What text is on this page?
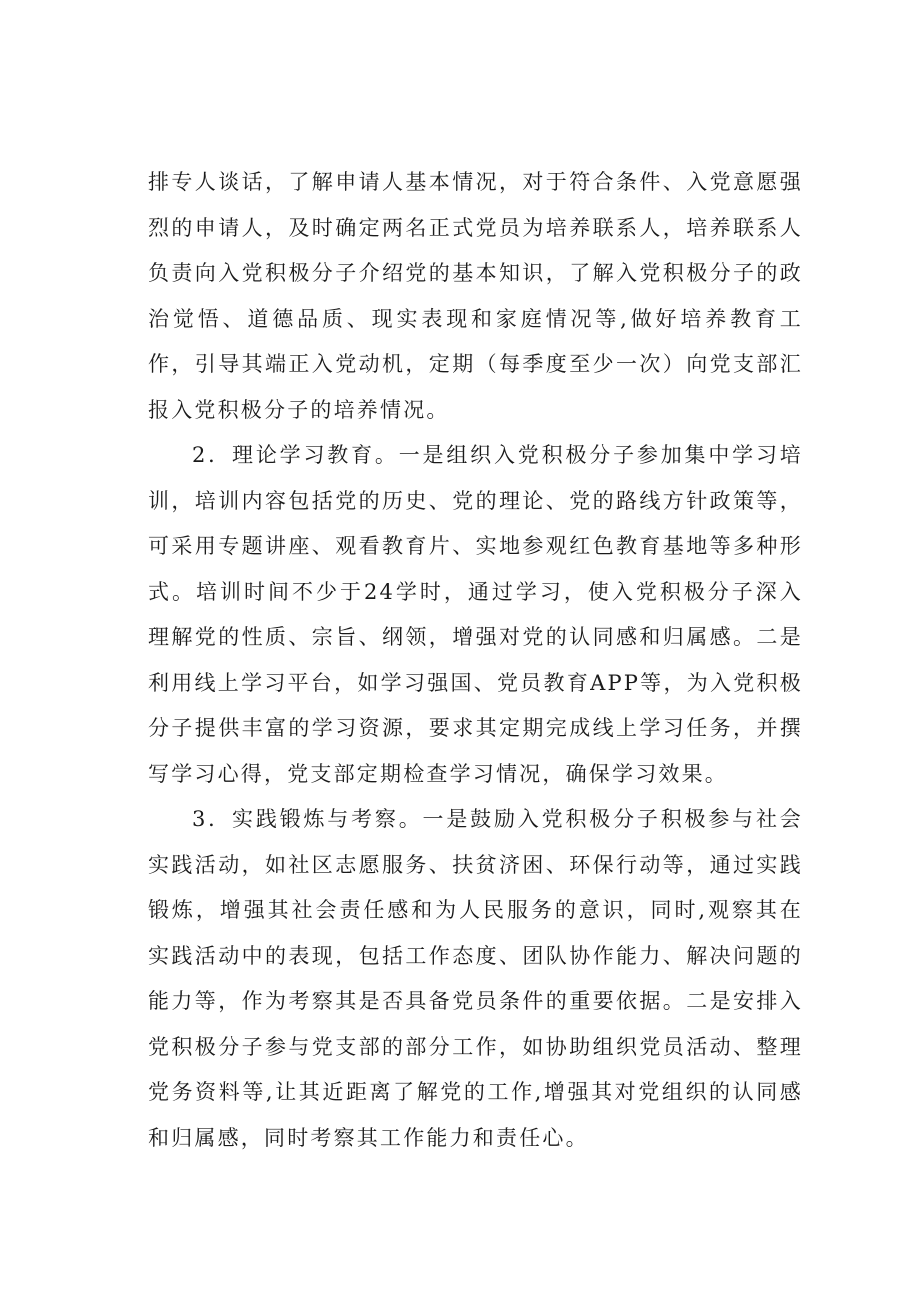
排专人谈话，了解申请人基本情况，对于符合条件、入党意愿强烈的申请人，及时确定两名正式党员为培养联系人，培养联系人负责向入党积极分子介绍党的基本知识，了解入党积极分子的政治觉悟、道德品质、现实表现和家庭情况等,做好培养教育工作，引导其端正入党动机，定期（每季度至少一次）向党支部汇报入党积极分子的培养情况。

2．理论学习教育。一是组织入党积极分子参加集中学习培训，培训内容包括党的历史、党的理论、党的路线方针政策等，可采用专题讲座、观看教育片、实地参观红色教育基地等多种形式。培训时间不少于24学时，通过学习，使入党积极分子深入理解党的性质、宗旨、纲领，增强对党的认同感和归属感。二是利用线上学习平台，如学习强国、党员教育APP等，为入党积极分子提供丰富的学习资源，要求其定期完成线上学习任务，并撰写学习心得，党支部定期检查学习情况，确保学习效果。

3．实践锻炼与考察。一是鼓励入党积极分子积极参与社会实践活动，如社区志愿服务、扶贫济困、环保行动等，通过实践锻炼，增强其社会责任感和为人民服务的意识，同时,观察其在实践活动中的表现，包括工作态度、团队协作能力、解决问题的能力等，作为考察其是否具备党员条件的重要依据。二是安排入党积极分子参与党支部的部分工作，如协助组织党员活动、整理党务资料等,让其近距离了解党的工作,增强其对党组织的认同感和归属感，同时考察其工作能力和责任心。
